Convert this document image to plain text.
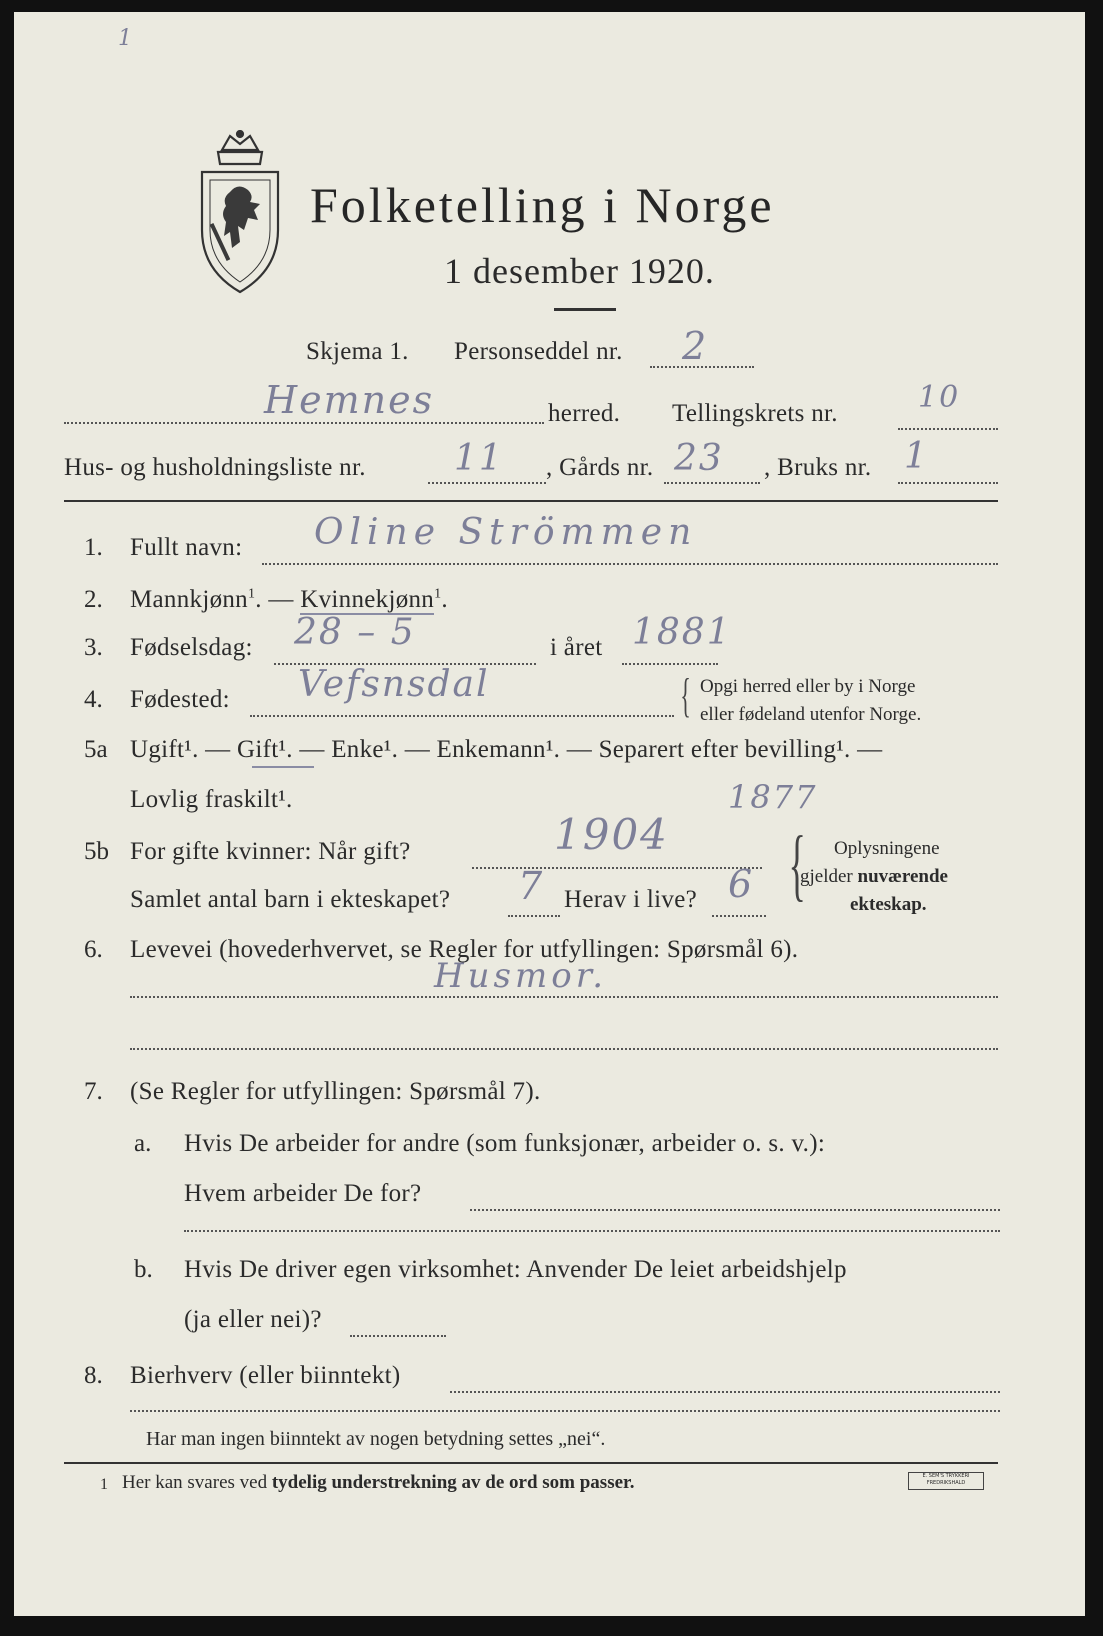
1
Folketelling i Norge
1 desember 1920.
Skjema 1. Personseddel nr. 2
Hemnes	herred. Tellingskrets nr.	10
Hus- og husholdningsliste nr. 11 , Gårds nr. 23 , Bruks nr. 1
1. Fullt navn: Oline Strömmen
2. Mannkjønn$^1$. — Kvinnekjønn$^1$.
3. Fødselsdag: 28 – 5	i året 1881
4. Fødested: Vefsnsdal	{ Opgi herred eller by i Norge
eller fødeland utenfor Norge.
5a Ugift¹. — Gift¹. — Enke¹. — Enkemann¹. — Separert efter bevilling¹. —
Lovlig fraskilt¹.	1877
5b For gifte kvinner: Når gift?	1904
Samlet antal barn i ekteskapet? 7 Herav i live? 6 { Oplysningene
gjelder nuværende
ekteskap.
6. Levevei (hovederhvervet, se Regler for utfyllingen: Spørsmål 6).
Husmor.
7. (Se Regler for utfyllingen: Spørsmål 7).
a. Hvis De arbeider for andre (som funksjonær, arbeider o. s. v.):
Hvem arbeider De for?
b. Hvis De driver egen virksomhet: Anvender De leiet arbeidshjelp
(ja eller nei)?
8. Bierhverv (eller biinntekt)
Har man ingen biinntekt av nogen betydning settes „nei“.
1 Her kan svares ved tydelig understrekning av de ord som passer.	E. SEM'S TRYKKERI FREDRIKSHALD
